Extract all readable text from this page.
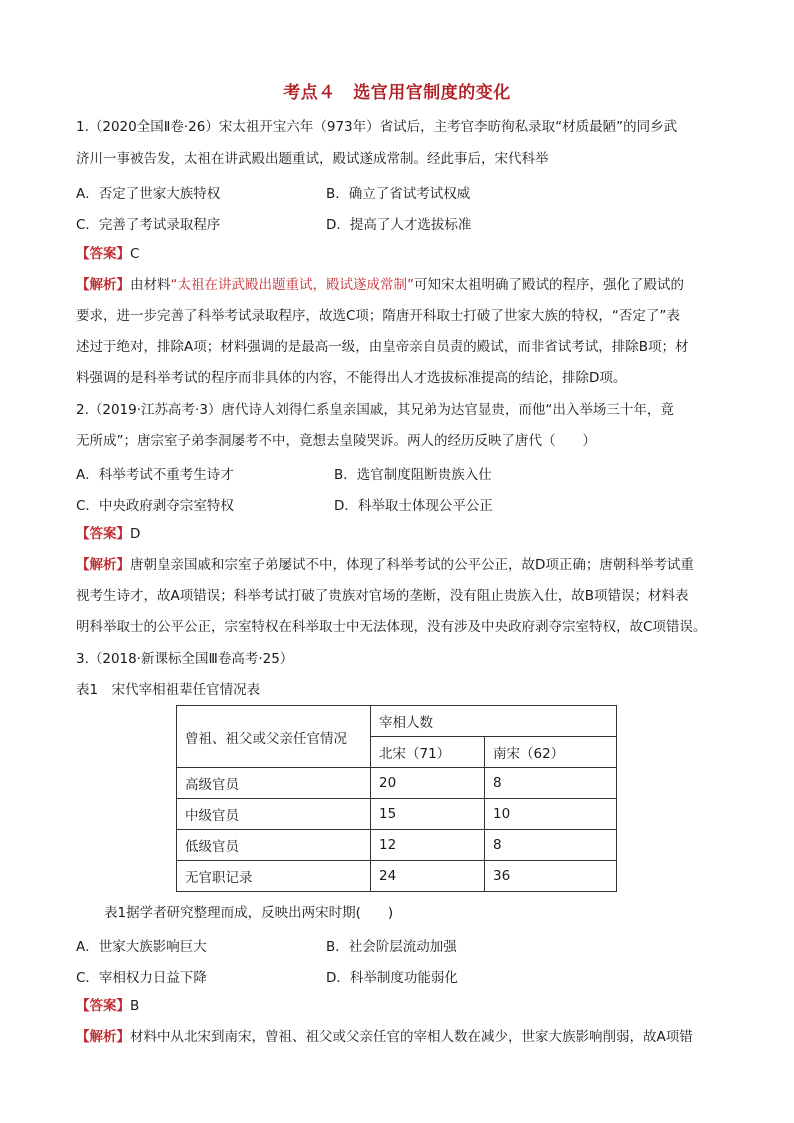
考点４　选官用官制度的变化
1.（2020全国Ⅱ卷·26）宋太祖开宝六年（973年）省试后，主考官李昉徇私录取“材质最陋”的同乡武
济川一事被告发，太祖在讲武殿出题重试，殿试遂成常制。经此事后，宋代科举
A．否定了世家大族特权	B．确立了省试考试权威
C．完善了考试录取程序	D．提高了人才选拔标准
【答案】C
【解析】由材料“太祖在讲武殿出题重试，殿试遂成常制”可知宋太祖明确了殿试的程序，强化了殿试的
要求，进一步完善了科举考试录取程序，故选C项；隋唐开科取士打破了世家大族的特权，“否定了”表
述过于绝对，排除A项；材料强调的是最高一级，由皇帝亲自员责的殿试，而非省试考试，排除B项；材
料强调的是科举考试的程序而非具体的内容，不能得出人才选拔标准提高的结论，排除D项。
2.（2019·江苏高考·3）唐代诗人刘得仁系皇亲国戚，其兄弟为达官显贵，而他“出入举场三十年，竟
无所成”；唐宗室子弟李洞屡考不中，竟想去皇陵哭诉。两人的经历反映了唐代（　　）
A．科举考试不重考生诗才	B．选官制度阻断贵族入仕
C．中央政府剥夺宗室特权	D．科举取士体现公平公正
【答案】D
【解析】唐朝皇亲国戚和宗室子弟屡试不中，体现了科举考试的公平公正，故D项正确；唐朝科举考试重
视考生诗才，故A项错误；科举考试打破了贵族对官场的垄断，没有阻止贵族入仕，故B项错误；材料表
明科举取士的公平公正，宗室特权在科举取士中无法体现，没有涉及中央政府剥夺宗室特权，故C项错误。
3.（2018·新课标全国Ⅲ卷高考·25）
表1　宋代宰相祖辈任官情况表
曾祖、祖父或父亲任官情况	宰相人数	
	北宋（71）	南宋（62）
高级官员	20	8
中级官员	15	10
低级官员	12	8
无官职记录	24	36
表1据学者研究整理而成，反映出两宋时期(　　)
A．世家大族影响巨大	B．社会阶层流动加强
C．宰相权力日益下降	D．科举制度功能弱化
【答案】B
【解析】材料中从北宋到南宋，曾祖、祖父或父亲任官的宰相人数在减少，世家大族影响削弱，故A项错
